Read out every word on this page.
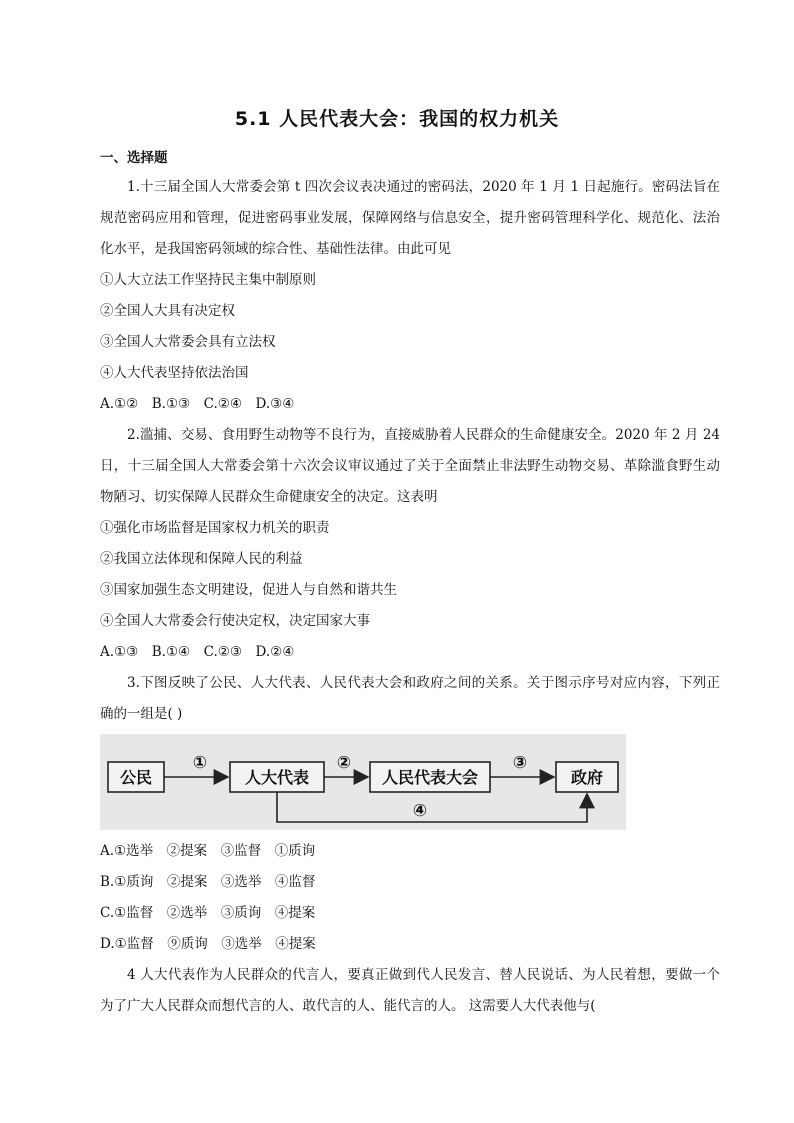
5.1 人民代表大会：我国的权力机关
一、选择题

1.十三届全国人大常委会第 t 四次会议表决通过的密码法，2020 年 1 月 1 日起施行。密码法旨在规范密码应用和管理，促进密码事业发展，保障网络与信息安全，提升密码管理科学化、规范化、法治化水平，是我国密码领域的综合性、基础性法律。由此可见

①人大立法工作坚持民主集中制原则

②全国人大具有决定权

③全国人大常委会具有立法权

④人大代表坚持依法治国

A.①②　B.①③　C.②④　D.③④

2.滥捕、交易、食用野生动物等不良行为，直接威胁着人民群众的生命健康安全。2020 年 2 月 24 日，十三届全国人大常委会第十六次会议审议通过了关于全面禁止非法野生动物交易、革除滥食野生动物陋习、切实保障人民群众生命健康安全的决定。这表明

①强化市场监督是国家权力机关的职责

②我国立法体现和保障人民的利益

③国家加强生态文明建设，促进人与自然和谐共生

④全国人大常委会行使决定权，决定国家大事

A.①③　B.①④　C.②③　D.②④

3.下图反映了公民、人大代表、人民代表大会和政府之间的关系。关于图示序号对应内容，下列正确的一组是( )

公民	人大代表	人民代表大会	政府
①	②	③
④

A.①选举　②提案　③监督　①质询

B.①质询　②提案　③选举　④监督

C.①监督　②选举　③质询　④提案

D.①监督　⑨质询　③选举　④提案

4 人大代表作为人民群众的代言人，要真正做到代人民发言、替人民说话、为人民着想，要做一个为了广大人民群众而想代言的人、敢代言的人、能代言的人。 这需要人大代表他与(
